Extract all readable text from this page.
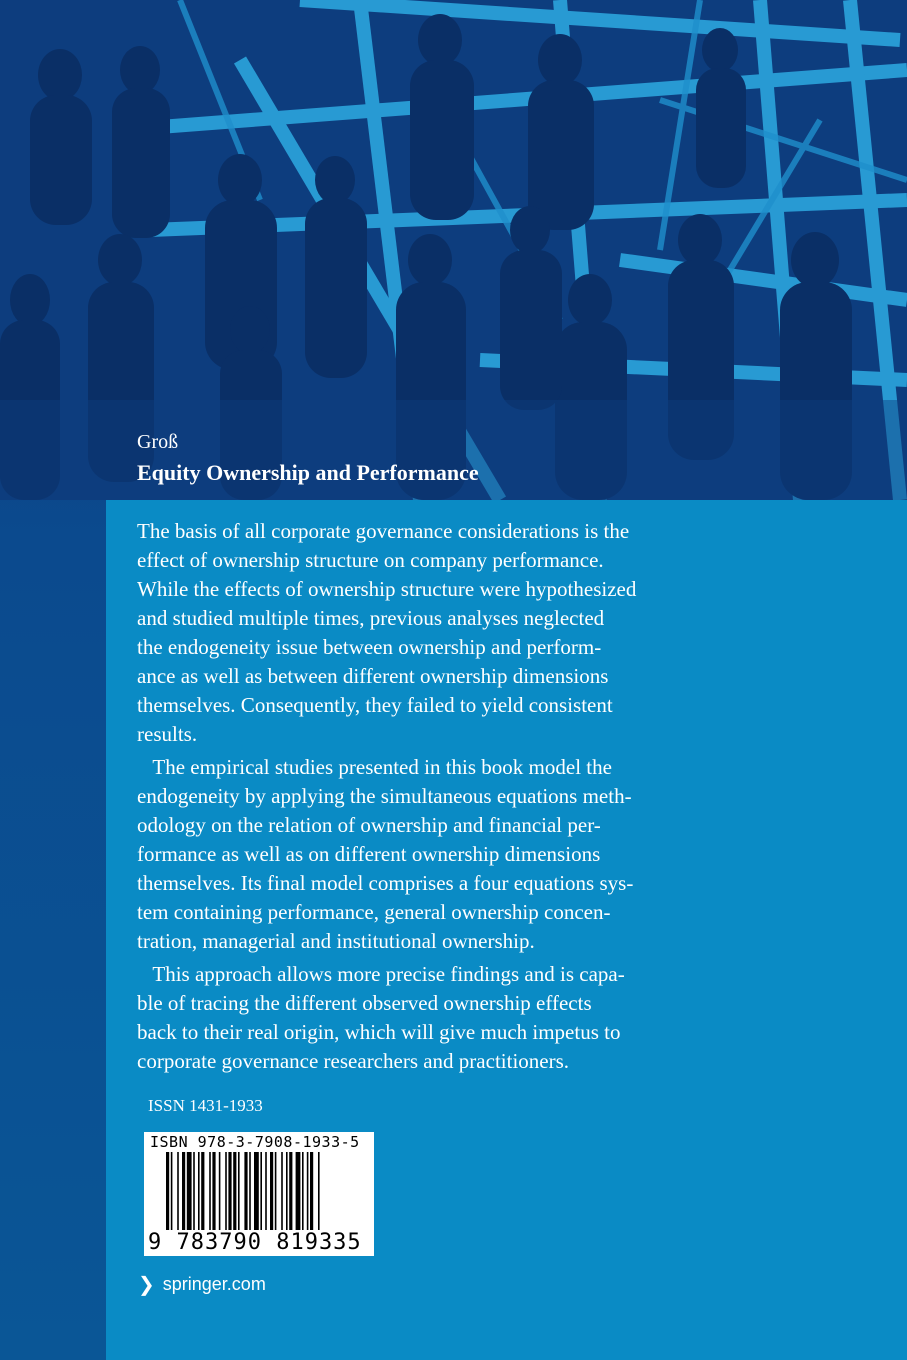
Groß
Equity Ownership and Performance

The basis of all corporate governance considerations is the
effect of ownership structure on company performance.
While the effects of ownership structure were hypothesized
and studied multiple times, previous analyses neglected
the endogeneity issue between ownership and perform-
ance as well as between different ownership dimensions
themselves. Consequently, they failed to yield consistent
results.

The empirical studies presented in this book model the
endogeneity by applying the simultaneous equations meth-
odology on the relation of ownership and financial per-
formance as well as on different ownership dimensions
themselves. Its final model comprises a four equations sys-
tem containing performance, general ownership concen-
tration, managerial and institutional ownership.

This approach allows more precise findings and is capa-
ble of tracing the different observed ownership effects
back to their real origin, which will give much impetus to
corporate governance researchers and practitioners.

ISSN 1431-1933
ISBN 978-3-7908-1933-5
9 783790 819335
❯ springer.com
